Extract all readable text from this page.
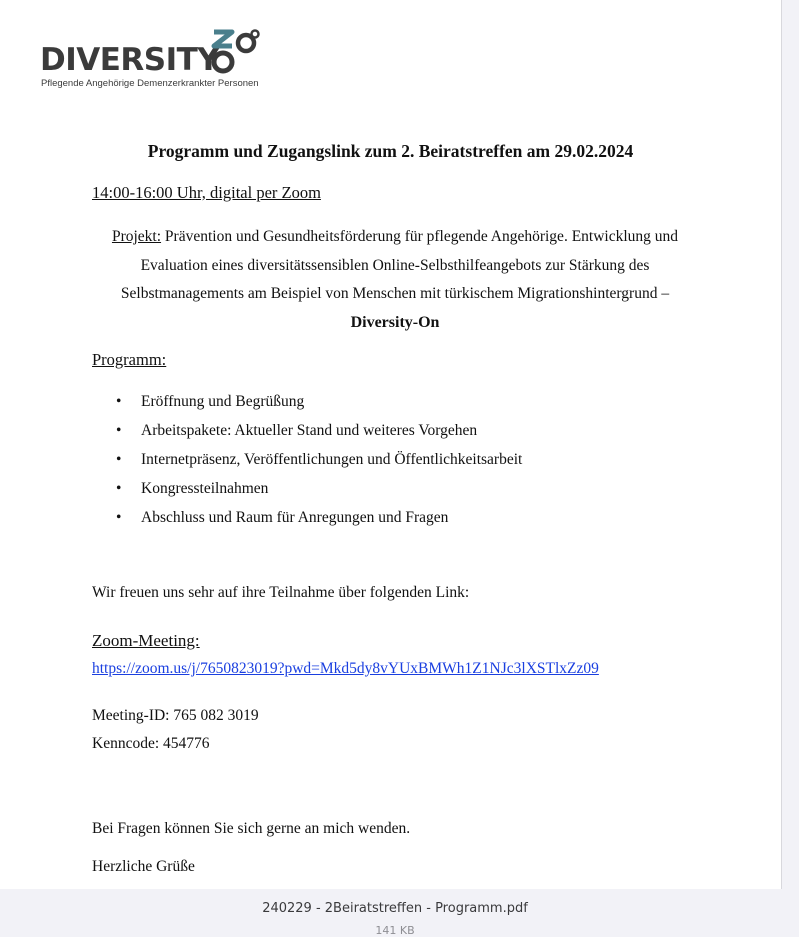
DIVERSITY
Pflegende Angehörige Demenzerkrankter Personen
Programm und Zugangslink zum 2. Beiratstreffen am 29.02.2024
14:00-16:00 Uhr, digital per Zoom
Projekt: Prävention und Gesundheitsförderung für pflegende Angehörige. Entwicklung und Evaluation eines diversitätssensiblen Online-Selbsthilfeangebots zur Stärkung des Selbstmanagements am Beispiel von Menschen mit türkischem Migrationshintergrund –
Diversity-On
Programm:
• Eröffnung und Begrüßung
• Arbeitspakete: Aktueller Stand und weiteres Vorgehen
• Internetpräsenz, Veröffentlichungen und Öffentlichkeitsarbeit
• Kongressteilnahmen
• Abschluss und Raum für Anregungen und Fragen
Wir freuen uns sehr auf ihre Teilnahme über folgenden Link:
Zoom-Meeting:
https://zoom.us/j/7650823019?pwd=Mkd5dy8vYUxBMWh1Z1NJc3lXSTlxZz09
Meeting-ID: 765 082 3019
Kenncode: 454776
Bei Fragen können Sie sich gerne an mich wenden.
Herzliche Grüße
240229 - 2Beiratstreffen - Programm.pdf
141 KB
